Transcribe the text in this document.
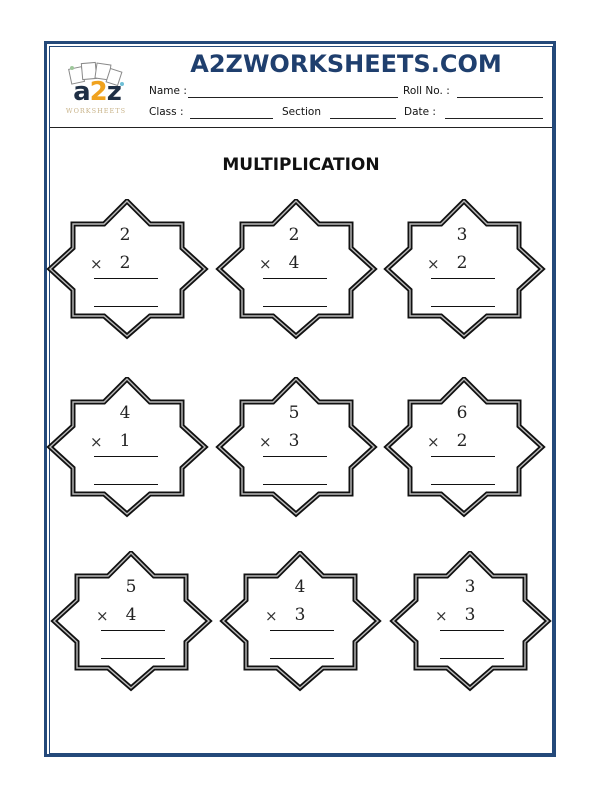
a2z
WORKSHEETS
A2ZWORKSHEETS.COM
Name :	Roll No. :
Class :	Section	Date :
MULTIPLICATION
2
× 2
2
× 4
3
× 2
4
× 1
5
× 3
6
× 2
5
× 4
4
× 3
3
× 3
